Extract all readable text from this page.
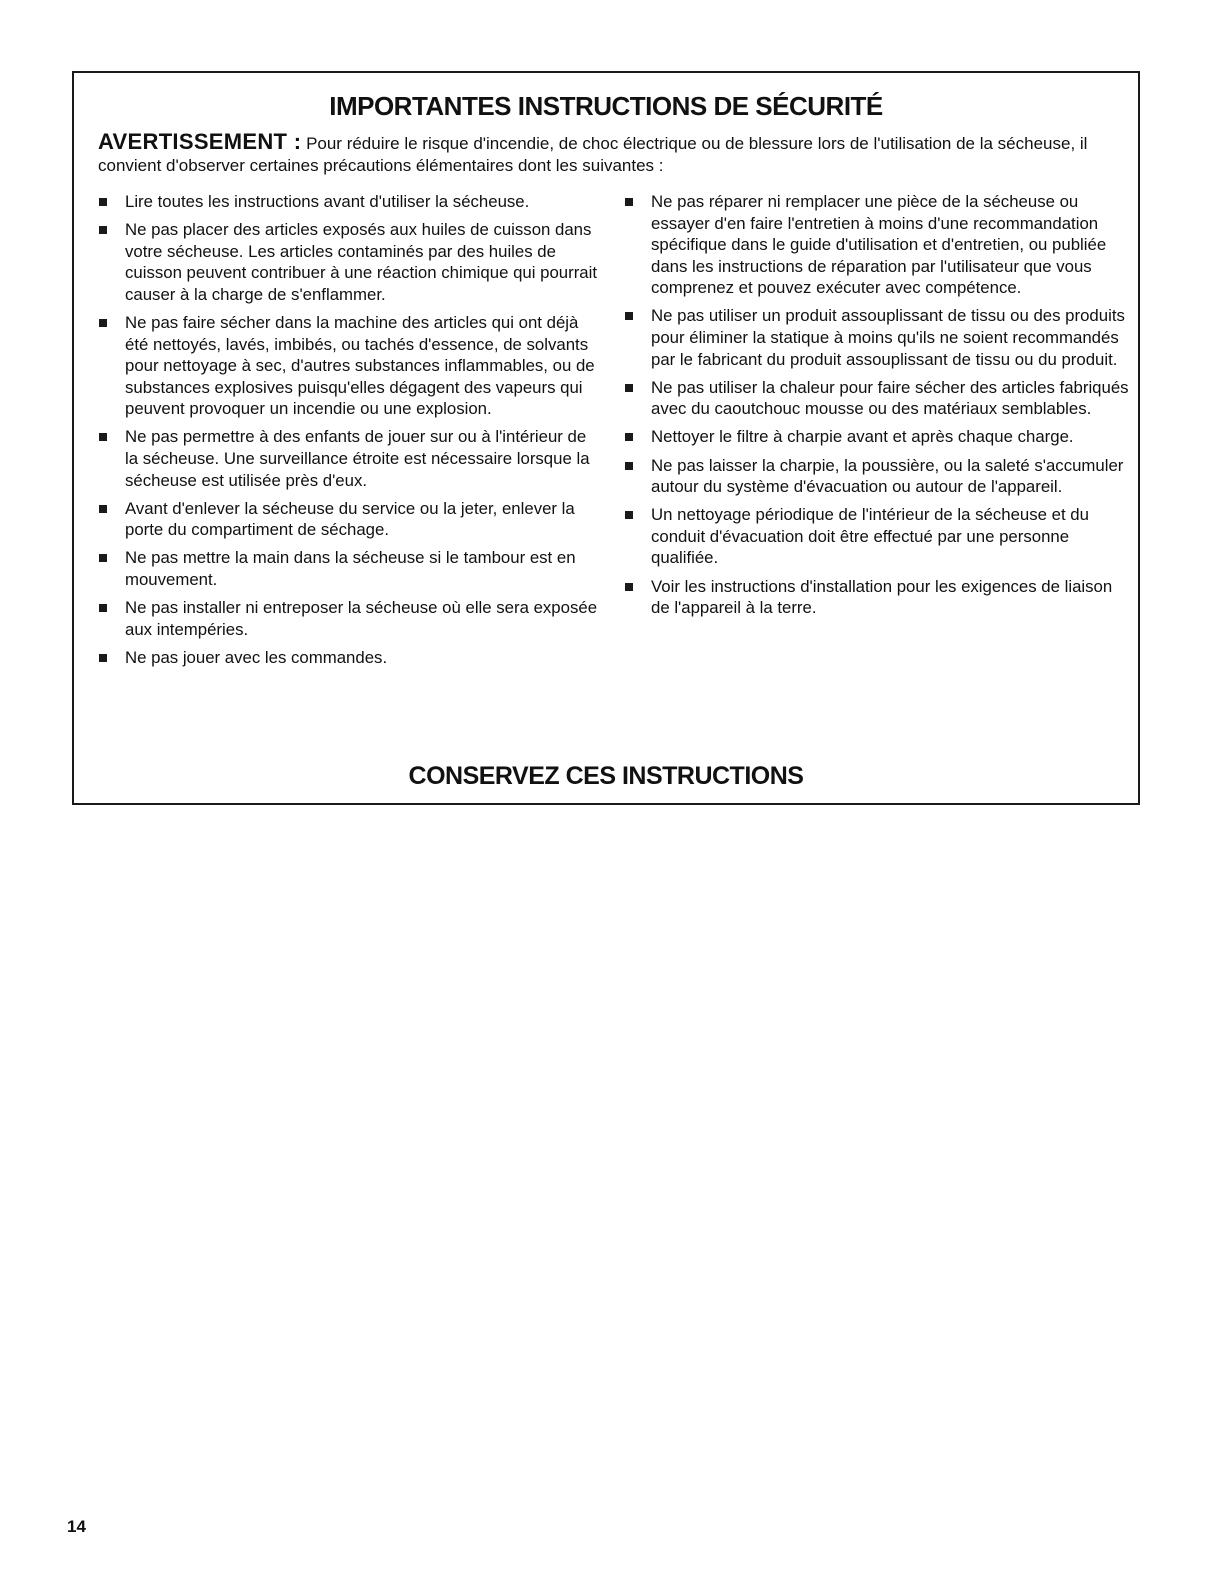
IMPORTANTES INSTRUCTIONS DE SÉCURITÉ
AVERTISSEMENT : Pour réduire le risque d'incendie, de choc électrique ou de blessure lors de l'utilisation de la sécheuse, il convient d'observer certaines précautions élémentaires dont les suivantes :
Lire toutes les instructions avant d'utiliser la sécheuse.
Ne pas placer des articles exposés aux huiles de cuisson dans votre sécheuse. Les articles contaminés par des huiles de cuisson peuvent contribuer à une réaction chimique qui pourrait causer à la charge de s'enflammer.
Ne pas faire sécher dans la machine des articles qui ont déjà été nettoyés, lavés, imbibés, ou tachés d'essence, de solvants pour nettoyage à sec, d'autres substances inflammables, ou de substances explosives puisqu'elles dégagent des vapeurs qui peuvent provoquer un incendie ou une explosion.
Ne pas permettre à des enfants de jouer sur ou à l'intérieur de la sécheuse. Une surveillance étroite est nécessaire lorsque la sécheuse est utilisée près d'eux.
Avant d'enlever la sécheuse du service ou la jeter, enlever la porte du compartiment de séchage.
Ne pas mettre la main dans la sécheuse si le tambour est en mouvement.
Ne pas installer ni entreposer la sécheuse où elle sera exposée aux intempéries.
Ne pas jouer avec les commandes.
Ne pas réparer ni remplacer une pièce de la sécheuse ou essayer d'en faire l'entretien à moins d'une recommandation spécifique dans le guide d'utilisation et d'entretien, ou publiée dans les instructions de réparation par l'utilisateur que vous comprenez et pouvez exécuter avec compétence.
Ne pas utiliser un produit assouplissant de tissu ou des produits pour éliminer la statique à moins qu'ils ne soient recommandés par le fabricant du produit assouplissant de tissu ou du produit.
Ne pas utiliser la chaleur pour faire sécher des articles fabriqués avec du caoutchouc mousse ou des matériaux semblables.
Nettoyer le filtre à charpie avant et après chaque charge.
Ne pas laisser la charpie, la poussière, ou la saleté s'accumuler autour du système d'évacuation ou autour de l'appareil.
Un nettoyage périodique de l'intérieur de la sécheuse et du conduit d'évacuation doit être effectué par une personne qualifiée.
Voir les instructions d'installation pour les exigences de liaison de l'appareil à la terre.
CONSERVEZ CES INSTRUCTIONS
14
